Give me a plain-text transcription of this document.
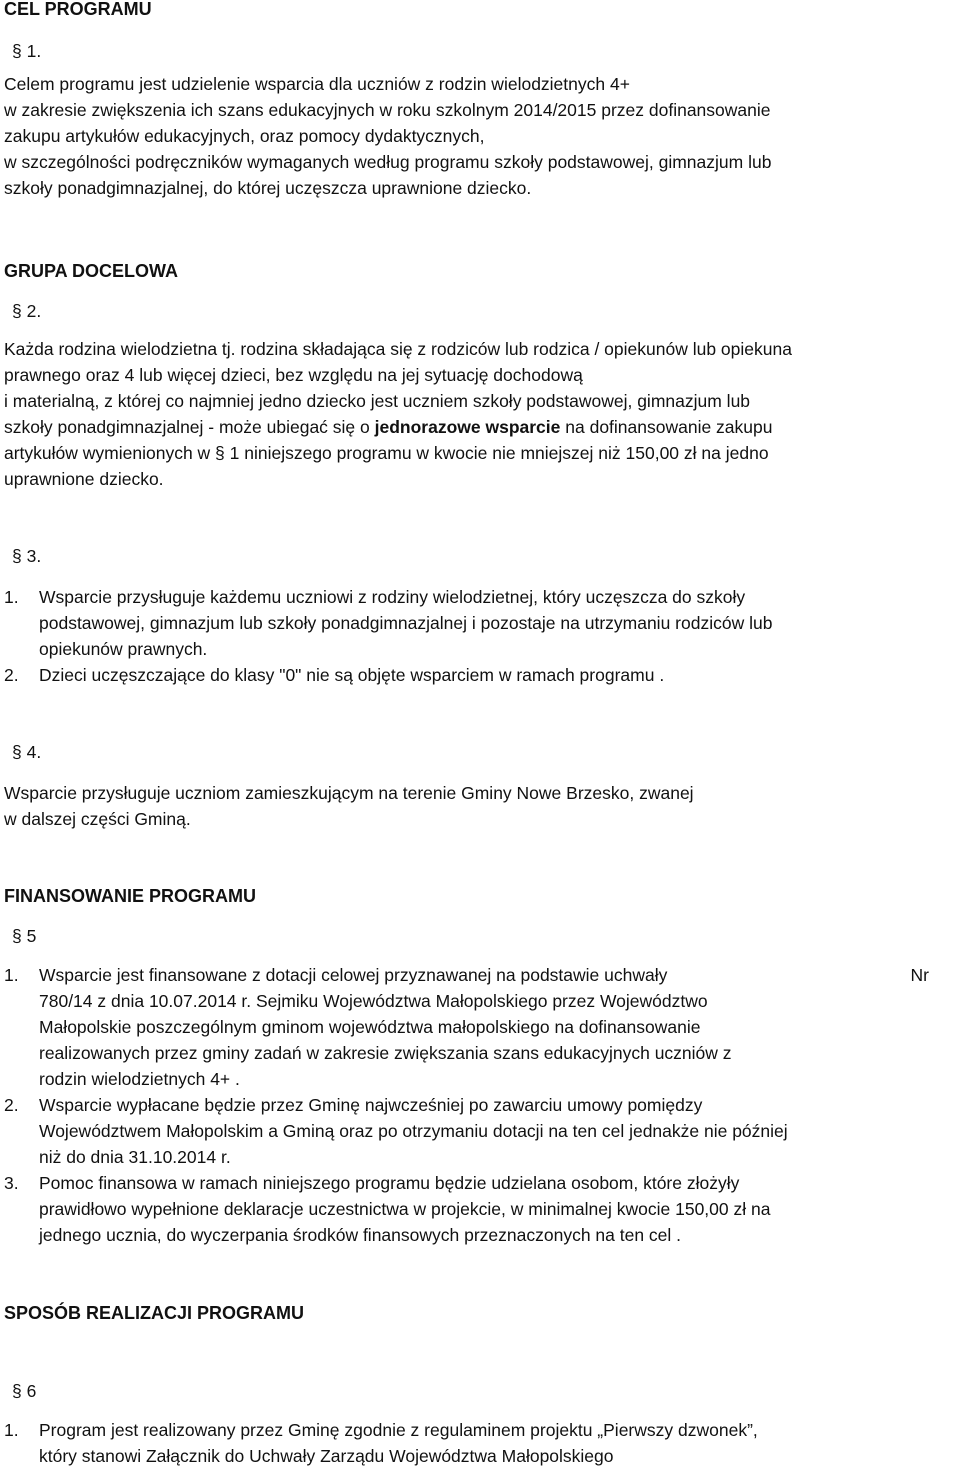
CEL PROGRAMU
§ 1.
Celem programu jest udzielenie wsparcia dla uczniów z rodzin wielodzietnych 4+
w zakresie zwiększenia ich szans edukacyjnych w roku szkolnym 2014/2015 przez dofinansowanie
zakupu artykułów edukacyjnych, oraz pomocy dydaktycznych,
w szczególności podręczników wymaganych według programu szkoły podstawowej, gimnazjum lub
szkoły ponadgimnazjalnej, do której uczęszcza uprawnione dziecko.
GRUPA DOCELOWA
§ 2.
Każda rodzina wielodzietna tj. rodzina składająca się z rodziców lub rodzica / opiekunów lub opiekuna
prawnego oraz 4 lub więcej dzieci, bez względu na jej sytuację dochodową
i materialną, z której co najmniej jedno dziecko jest uczniem szkoły podstawowej, gimnazjum lub
szkoły ponadgimnazjalnej - może ubiegać się o jednorazowe wsparcie na dofinansowanie zakupu
artykułów wymienionych w § 1 niniejszego programu w kwocie nie mniejszej niż 150,00 zł na jedno
uprawnione dziecko.
§ 3.
1. Wsparcie przysługuje każdemu uczniowi z rodziny wielodzietnej, który uczęszcza do szkoły
podstawowej, gimnazjum lub szkoły ponadgimnazjalnej i pozostaje na utrzymaniu rodziców lub
opiekunów prawnych.
2. Dzieci uczęszczające do klasy "0" nie są objęte wsparciem w ramach programu .
§ 4.
Wsparcie przysługuje uczniom zamieszkującym na terenie Gminy Nowe Brzesko, zwanej
w dalszej części Gminą.
FINANSOWANIE PROGRAMU
§ 5
1. Wsparcie jest finansowane z dotacji celowej przyznawanej na podstawie uchwały	Nr
780/14 z dnia 10.07.2014 r. Sejmiku Województwa Małopolskiego przez Województwo
Małopolskie poszczególnym gminom województwa małopolskiego na dofinansowanie
realizowanych przez gminy zadań w zakresie zwiększania szans edukacyjnych uczniów z
rodzin wielodzietnych 4+ .
2. Wsparcie wypłacane będzie przez Gminę najwcześniej po zawarciu umowy pomiędzy
Województwem Małopolskim a Gminą oraz po otrzymaniu dotacji na ten cel jednakże nie później
niż do dnia 31.10.2014 r.
3. Pomoc finansowa w ramach niniejszego programu będzie udzielana osobom, które złożyły
prawidłowo wypełnione deklaracje uczestnictwa w projekcie, w minimalnej kwocie 150,00 zł na
jednego ucznia, do wyczerpania środków finansowych przeznaczonych na ten cel .
SPOSÓB REALIZACJI PROGRAMU
§ 6
1. Program jest realizowany przez Gminę zgodnie z regulaminem projektu „Pierwszy dzwonek”,
który stanowi Załącznik do Uchwały Zarządu Województwa Małopolskiego
